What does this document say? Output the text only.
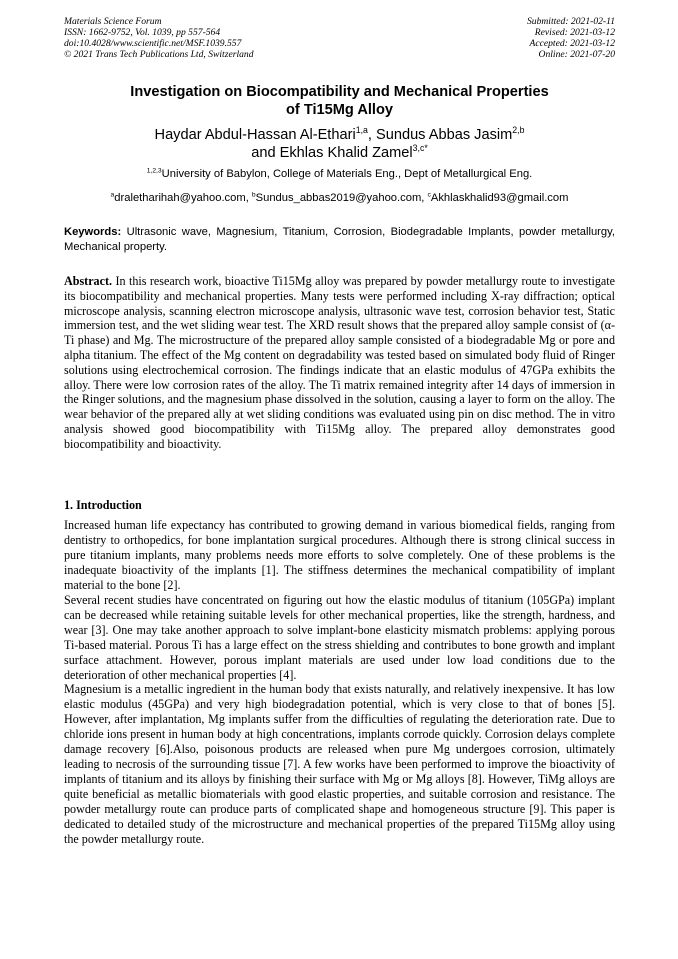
Materials Science Forum
ISSN: 1662-9752, Vol. 1039, pp 557-564
doi:10.4028/www.scientific.net/MSF.1039.557
© 2021 Trans Tech Publications Ltd, Switzerland
Submitted: 2021-02-11
Revised: 2021-03-12
Accepted: 2021-03-12
Online: 2021-07-20
Investigation on Biocompatibility and Mechanical Properties
of Ti15Mg Alloy
Haydar Abdul-Hassan Al-Ethari$^{1,a}$, Sundus Abbas Jasim$^{2,b}$
and Ekhlas Khalid Zamel$^{3,c*}$
$^{1,2,3}$University of Babylon, College of Materials Eng., Dept of Metallurgical Eng.
$^a$draletharihah@yahoo.com, $^b$Sundus_abbas2019@yahoo.com, $^c$Akhlaskhalid93@gmail.com
Keywords: Ultrasonic wave, Magnesium, Titanium, Corrosion, Biodegradable Implants, powder metallurgy, Mechanical property.
Abstract. In this research work, bioactive Ti15Mg alloy was prepared by powder metallurgy route to investigate its biocompatibility and mechanical properties. Many tests were performed including X-ray diffraction; optical microscope analysis, scanning electron microscope analysis, ultrasonic wave test, corrosion behavior test, Static immersion test, and the wet sliding wear test. The XRD result shows that the prepared alloy sample consist of (α-Ti phase) and Mg. The microstructure of the prepared alloy sample consisted of a biodegradable Mg or pore and alpha titanium. The effect of the Mg content on degradability was tested based on simulated body fluid of Ringer solutions using electrochemical corrosion. The findings indicate that an elastic modulus of 47GPa exhibits the alloy. There were low corrosion rates of the alloy. The Ti matrix remained integrity after 14 days of immersion in the Ringer solutions, and the magnesium phase dissolved in the solution, causing a layer to form on the alloy. The wear behavior of the prepared ally at wet sliding conditions was evaluated using pin on disc method. The in vitro analysis showed good biocompatibility with Ti15Mg alloy. The prepared alloy demonstrates good biocompatibility and bioactivity.
1. Introduction

Increased human life expectancy has contributed to growing demand in various biomedical fields, ranging from dentistry to orthopedics, for bone implantation surgical procedures. Although there is strong clinical success in pure titanium implants, many problems needs more efforts to solve completely. One of these problems is the inadequate bioactivity of the implants [1]. The stiffness determines the mechanical compatibility of implant material to the bone [2].

Several recent studies have concentrated on figuring out how the elastic modulus of titanium (105GPa) implant can be decreased while retaining suitable levels for other mechanical properties, like the strength, hardness, and wear [3]. One may take another approach to solve implant-bone elasticity mismatch problems: applying porous Ti-based material. Porous Ti has a large effect on the stress shielding and contributes to bone growth and implant surface attachment. However, porous implant materials are used under low load conditions due to the deterioration of other mechanical properties [4].

Magnesium is a metallic ingredient in the human body that exists naturally, and relatively inexpensive. It has low elastic modulus (45GPa) and very high biodegradation potential, which is very close to that of bones [5]. However, after implantation, Mg implants suffer from the difficulties of regulating the deterioration rate. Due to chloride ions present in human body at high concentrations, implants corrode quickly. Corrosion delays complete damage recovery [6].Also, poisonous products are released when pure Mg undergoes corrosion, ultimately leading to necrosis of the surrounding tissue [7]. A few works have been performed to improve the bioactivity of implants of titanium and its alloys by finishing their surface with Mg or Mg alloys [8]. However, TiMg alloys are quite beneficial as metallic biomaterials with good elastic properties, and suitable corrosion and resistance. The powder metallurgy route can produce parts of complicated shape and homogeneous structure [9]. This paper is dedicated to detailed study of the microstructure and mechanical properties of the prepared Ti15Mg alloy using the powder metallurgy route.
